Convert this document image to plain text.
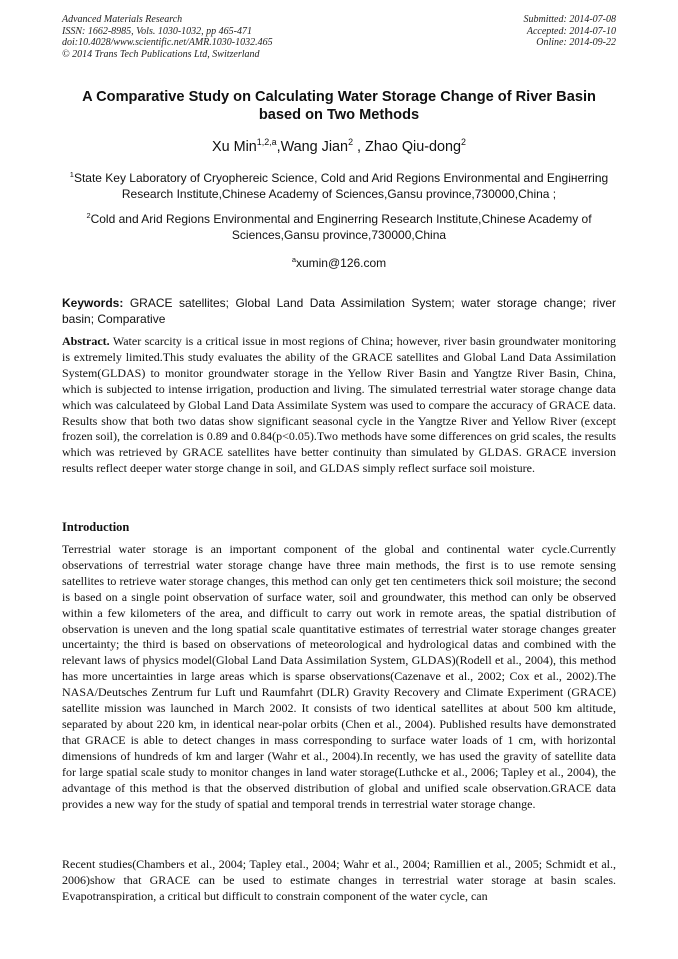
Advanced Materials Research
ISSN: 1662-8985, Vols. 1030-1032, pp 465-471
doi:10.4028/www.scientific.net/AMR.1030-1032.465
© 2014 Trans Tech Publications Ltd, Switzerland
Submitted: 2014-07-08
Accepted: 2014-07-10
Online: 2014-09-22
A Comparative Study on Calculating Water Storage Change of River Basin based on Two Methods
Xu Min$^{1,2,a}$,Wang Jian$^2$ , Zhao Qiu-dong$^2$
$^1$State Key Laboratory of Cryophereic Science, Cold and Arid Regions Environmental and Engінerring Research Institute,Chinese Academy of Sciences,Gansu province,730000,China ;
$^2$Cold and Arid Regions Environmental and Enginerring Research Institute,Chinese Academy of Sciences,Gansu province,730000,China
$^a$xumin@126.com
Keywords: GRACE satellites; Global Land Data Assimilation System; water storage change; river basin; Comparative
Abstract. Water scarcity is a critical issue in most regions of China; however, river basin groundwater monitoring is extremely limited.This study evaluates the ability of the GRACE satellites and Global Land Data Assimilation System(GLDAS) to monitor groundwater storage in the Yellow River Basin and Yangtze River Basin, China, which is subjected to intense irrigation, production and living. The simulated terrestrial water storage change data which was calculateed by Global Land Data Assimilate System was used to compare the accuracy of GRACE data. Results show that both two datas show significant seasonal cycle in the Yangtze River and Yellow River (except frozen soil), the correlation is 0.89 and 0.84(p<0.05).Two methods have some differences on grid scales, the results which was retrieved by GRACE satellites have better continuity than simulated by GLDAS. GRACE inversion results reflect deeper water storge change in soil, and GLDAS simply reflect surface soil moisture.
Introduction
Terrestrial water storage is an important component of the global and continental water cycle.Currently observations of terrestrial water storage change have three main methods, the first is to use remote sensing satellites to retrieve water storage changes, this method can only get ten centimeters thick soil moisture; the second is based on a single point observation of surface water, soil and groundwater, this method can only be observed within a few kilometers of the area, and difficult to carry out work in remote areas, the spatial distribution of observation is uneven and the long spatial scale quantitative estimates of terrestrial water storage changes greater uncertainty; the third is based on observations of meteorological and hydrological datas and combined with the relevant laws of physics model(Global Land Data Assimilation System, GLDAS)(Rodell et al., 2004), this method has more uncertainties in large areas which is sparse observations(Cazenave et al., 2002; Cox et al., 2002).The NASA/Deutsches Zentrum fur Luft und Raumfahrt (DLR) Gravity Recovery and Climate Experiment (GRACE) satellite mission was launched in March 2002. It consists of two identical satellites at about 500 km altitude, separated by about 220 km, in identical near-polar orbits (Chen et al., 2004). Published results have demonstrated that GRACE is able to detect changes in mass corresponding to surface water loads of 1 cm, with horizontal dimensions of hundreds of km and larger (Wahr et al., 2004).In recently, we has used the gravity of satellite data for large spatial scale study to monitor changes in land water storage(Luthcke et al., 2006; Tapley et al., 2004), the advantage of this method is that the observed distribution of global and unified scale observation.GRACE data provides a new way for the study of spatial and temporal trends in terrestrial water storage change.
Recent studies(Chambers et al., 2004; Tapley etal., 2004; Wahr et al., 2004; Ramillien et al., 2005; Schmidt et al., 2006)show that GRACE can be used to estimate changes in terrestrial water storage at basin scales. Evapotranspiration, a critical but difficult to constrain component of the water cycle, can
